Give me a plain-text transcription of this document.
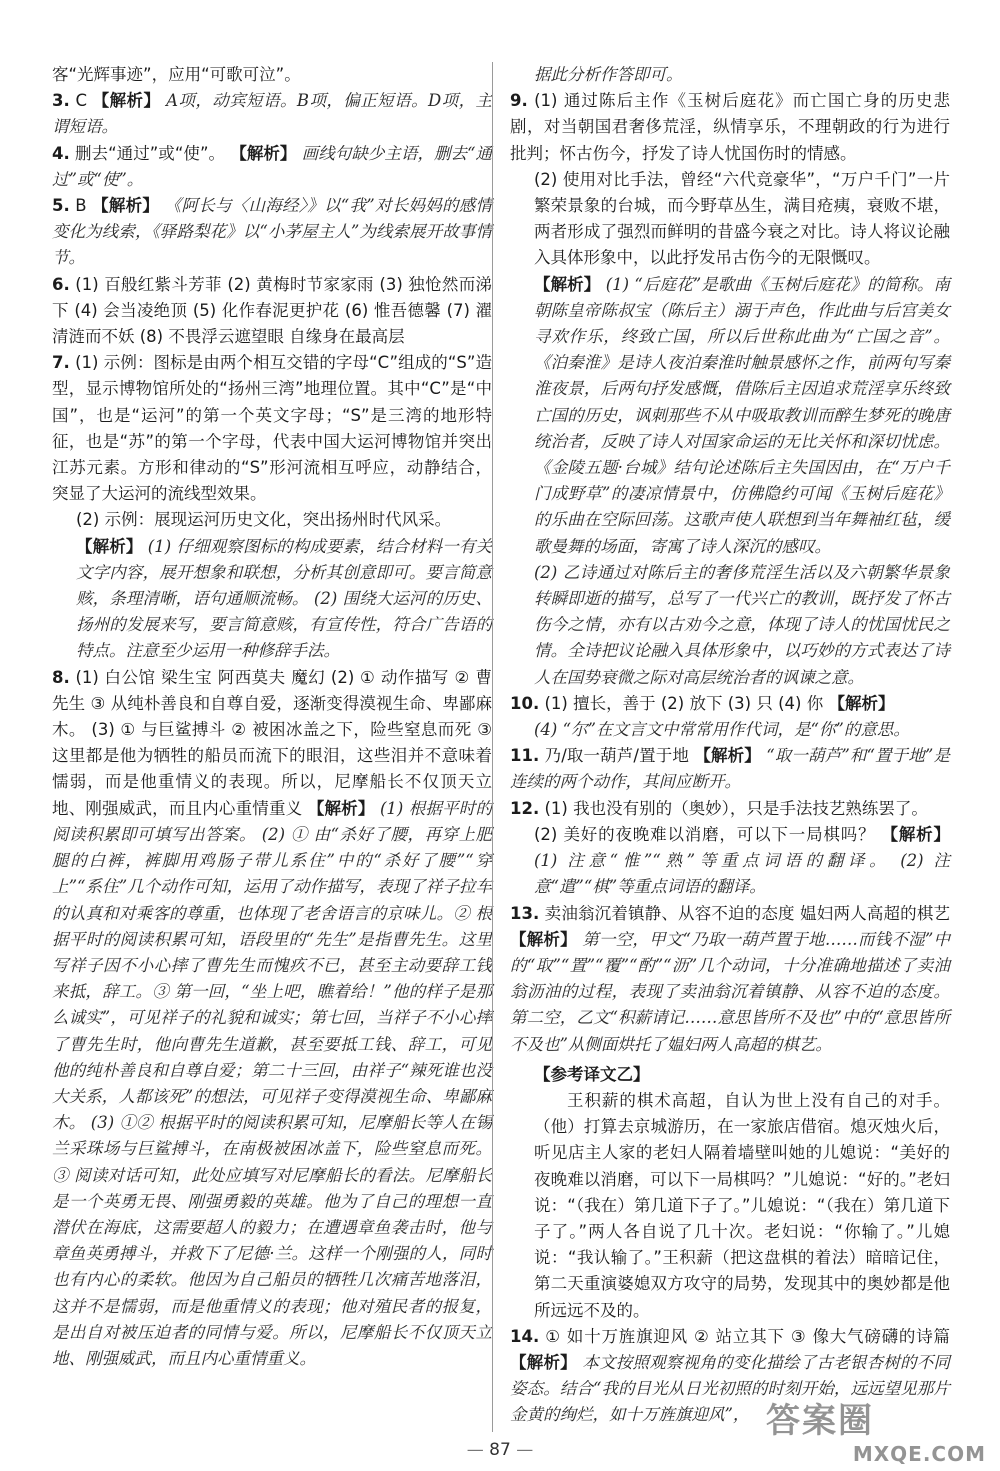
客“光辉事迹”，应用“可歌可泣”。

3. C 【解析】 A项，动宾短语。B项，偏正短语。D项，主谓短语。

4. 删去“通过”或“使”。 【解析】 画线句缺少主语，删去“通过”或“使”。

5. B 【解析】 《阿长与〈山海经〉》以“我”对长妈妈的感情变化为线索，《驿路梨花》以“小茅屋主人”为线索展开故事情节。

6. (1) 百般红紫斗芳菲 (2) 黄梅时节家家雨 (3) 独怆然而涕下 (4) 会当凌绝顶 (5) 化作春泥更护花 (6) 惟吾德馨 (7) 濯清涟而不妖 (8) 不畏浮云遮望眼 自缘身在最高层

7. (1) 示例：图标是由两个相互交错的字母“C”组成的“S”造型，显示博物馆所处的“扬州三湾”地理位置。其中“C”是“中国”，也是“运河”的第一个英文字母；“S”是三湾的地形特征，也是“苏”的第一个字母，代表中国大运河博物馆并突出江苏元素。方形和律动的“S”形河流相互呼应，动静结合，突显了大运河的流线型效果。

(2) 示例：展现运河历史文化，突出扬州时代风采。

【解析】 (1) 仔细观察图标的构成要素，结合材料一有关文字内容，展开想象和联想，分析其创意即可。要言简意赅，条理清晰，语句通顺流畅。 (2) 围绕大运河的历史、扬州的发展来写，要言简意赅，有宣传性，符合广告语的特点。注意至少运用一种修辞手法。

8. (1) 白公馆 梁生宝 阿西莫夫 魔幻 (2) ① 动作描写 ② 曹先生 ③ 从纯朴善良和自尊自爱，逐渐变得漠视生命、卑鄙麻木。 (3) ① 与巨鲨搏斗 ② 被困冰盖之下，险些窒息而死 ③ 这里都是他为牺牲的船员而流下的眼泪，这些泪并不意味着懦弱，而是他重情义的表现。所以，尼摩船长不仅顶天立地、刚强威武，而且内心重情重义 【解析】 (1) 根据平时的阅读积累即可填写出答案。 (2) ① 由“杀好了腰，再穿上肥腿的白裤，裤脚用鸡肠子带儿系住”中的“杀好了腰”“穿上”“系住”几个动作可知，运用了动作描写，表现了祥子拉车的认真和对乘客的尊重，也体现了老舍语言的京味儿。② 根据平时的阅读积累可知，语段里的“先生”是指曹先生。这里写祥子因不小心摔了曹先生而愧疚不已，甚至主动要辞工钱来抵，辞工。③ 第一回，“坐上吧，瞧着给！”他的样子是那么诚实”，可见祥子的礼貌和诚实；第七回，当祥子不小心摔了曹先生时，他向曹先生道歉，甚至要抵工钱、辞工，可见他的纯朴善良和自尊自爱；第二十三回，由祥子“辣死谁也没大关系，人都该死”的想法，可见祥子变得漠视生命、卑鄙麻木。 (3) ①② 根据平时的阅读积累可知，尼摩船长等人在锡兰采珠场与巨鲨搏斗，在南极被困冰盖下，险些窒息而死。③ 阅读对话可知，此处应填写对尼摩船长的看法。尼摩船长是一个英勇无畏、刚强勇毅的英雄。他为了自己的理想一直潜伏在海底，这需要超人的毅力；在遭遇章鱼袭击时，他与章鱼英勇搏斗，并救下了尼德·兰。这样一个刚强的人，同时也有内心的柔软。他因为自己船员的牺牲几次痛苦地落泪，这并不是懦弱，而是他重情义的表现；他对殖民者的报复，是出自对被压迫者的同情与爱。所以，尼摩船长不仅顶天立地、刚强威武，而且内心重情重义。

据此分析作答即可。

9. (1) 通过陈后主作《玉树后庭花》而亡国亡身的历史悲剧，对当朝国君奢侈荒淫，纵情享乐，不理朝政的行为进行批判；怀古伤今，抒发了诗人忧国伤时的情感。

(2) 使用对比手法，曾经“六代竞豪华”，“万户千门”一片繁荣景象的台城，而今野草丛生，满目疮痍，衰败不堪，两者形成了强烈而鲜明的昔盛今衰之对比。诗人将议论融入具体形象中，以此抒发吊古伤今的无限慨叹。

【解析】 (1) “后庭花”是歌曲《玉树后庭花》的简称。南朝陈皇帝陈叔宝（陈后主）溺于声色，作此曲与后宫美女寻欢作乐，终致亡国，所以后世称此曲为“亡国之音”。《泊秦淮》是诗人夜泊秦淮时触景感怀之作，前两句写秦淮夜景，后两句抒发感慨，借陈后主因追求荒淫享乐终致亡国的历史，讽刺那些不从中吸取教训而醉生梦死的晚唐统治者，反映了诗人对国家命运的无比关怀和深切忧虑。《金陵五题·台城》结句论述陈后主失国因由，在“万户千门成野草”的凄凉情景中，仿佛隐约可闻《玉树后庭花》的乐曲在空际回荡。这歌声使人联想到当年舞袖红毡，缓歌曼舞的场面，寄寓了诗人深沉的感叹。

(2) 乙诗通过对陈后主的奢侈荒淫生活以及六朝繁华景象转瞬即逝的描写，总写了一代兴亡的教训，既抒发了怀古伤今之情，亦有以古劝今之意，体现了诗人的忧国忧民之情。全诗把议论融入具体形象中，以巧妙的方式表达了诗人在国势衰微之际对高层统治者的讽谏之意。

10. (1) 擅长，善于 (2) 放下 (3) 只 (4) 你 【解析】

(4) “尔”在文言文中常常用作代词，是“你”的意思。

11. 乃/取一葫芦/置于地 【解析】 “取一葫芦”和“置于地”是连续的两个动作，其间应断开。

12. (1) 我也没有别的（奥妙），只是手法技艺熟练罢了。

(2) 美好的夜晚难以消磨，可以下一局棋吗？ 【解析】 (1) 注意“惟”“熟”等重点词语的翻译。 (2) 注意“遣”“棋”等重点词语的翻译。

13. 卖油翁沉着镇静、从容不迫的态度 媪妇两人高超的棋艺 【解析】 第一空，甲文“乃取一葫芦置于地……而钱不湿”中的“取”“置”“覆”“酌”“沥”几个动词，十分准确地描述了卖油翁沥油的过程，表现了卖油翁沉着镇静、从容不迫的态度。第二空，乙文“积薪请记……意思皆所不及也”中的“意思皆所不及也”从侧面烘托了媪妇两人高超的棋艺。

【参考译文乙】

王积薪的棋术高超，自认为世上没有自己的对手。（他）打算去京城游历，在一家旅店借宿。熄灭烛火后，听见店主人家的老妇人隔着墙壁叫她的儿媳说：“美好的夜晚难以消磨，可以下一局棋吗？”儿媳说：“好的。”老妇说：“（我在）第几道下子了。”儿媳说：“（我在）第几道下子了。”两人各自说了几十次。老妇说：“你输了。”儿媳说：“我认输了。”王积薪（把这盘棋的着法）暗暗记住，第二天重演婆媳双方攻守的局势，发现其中的奥妙都是他所远远不及的。

14. ① 如十万旌旗迎风 ② 站立其下 ③ 像大气磅礴的诗篇 【解析】 本文按照观察视角的变化描绘了古老银杏树的不同姿态。结合“我的目光从日光初照的时刻开始，远远望见那片金黄的绚烂，如十万旌旗迎风”，

— 87 —
答案圈
MXQE.COM
